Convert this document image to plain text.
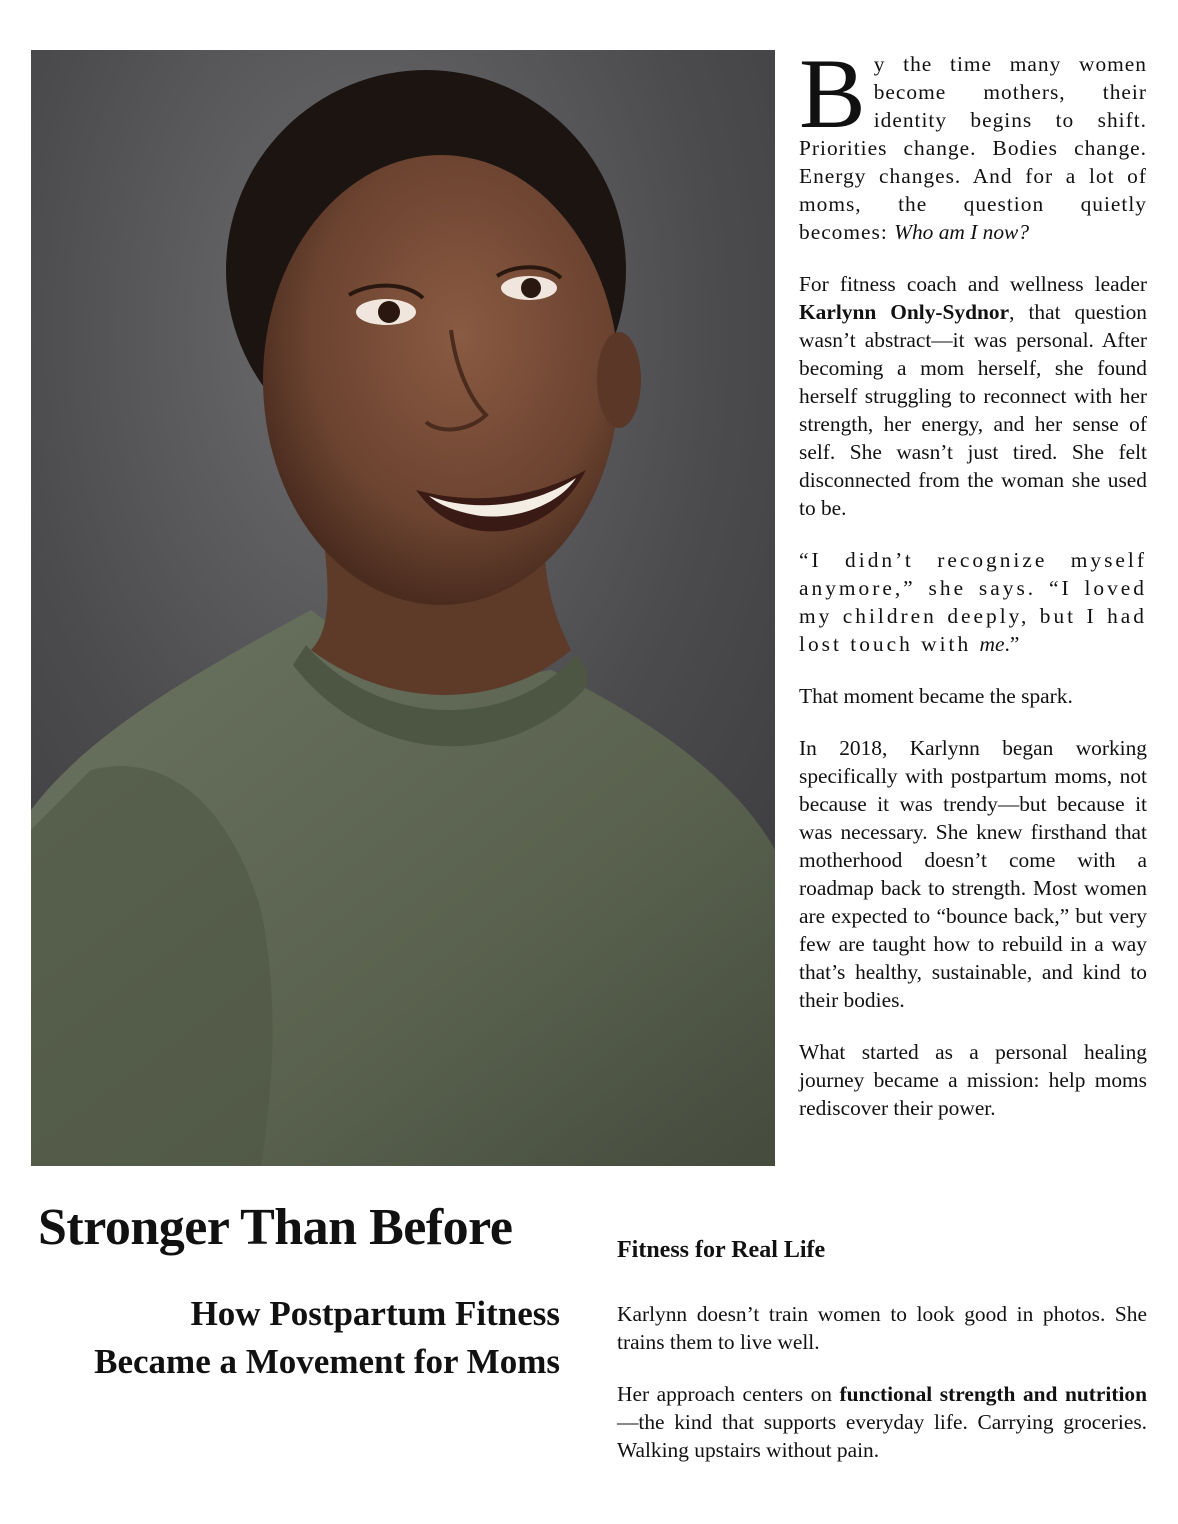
By the time many women become mothers, their identity begins to shift. Priorities change. Bodies change. Energy changes. And for a lot of moms, the question quietly becomes: Who am I now?

For fitness coach and wellness leader Karlynn Only-Sydnor, that question wasn’t abstract—it was personal. After becoming a mom herself, she found herself struggling to reconnect with her strength, her energy, and her sense of self. She wasn’t just tired. She felt disconnected from the woman she used to be.

“I didn’t recognize myself anymore,” she says. “I loved my children deeply, but I had lost touch with me.”

That moment became the spark.

In 2018, Karlynn began working specifically with postpartum moms, not because it was trendy—but because it was necessary. She knew firsthand that motherhood doesn’t come with a roadmap back to strength. Most women are expected to “bounce back,” but very few are taught how to rebuild in a way that’s healthy, sustainable, and kind to their bodies.

What started as a personal healing journey became a mission: help moms rediscover their power.

Stronger Than Before
How Postpartum Fitness
Became a Movement for Moms
Fitness for Real Life

Karlynn doesn’t train women to look good in photos. She trains them to live well.

Her approach centers on functional strength and nutrition—the kind that supports everyday life. Carrying groceries. Walking upstairs without pain.
